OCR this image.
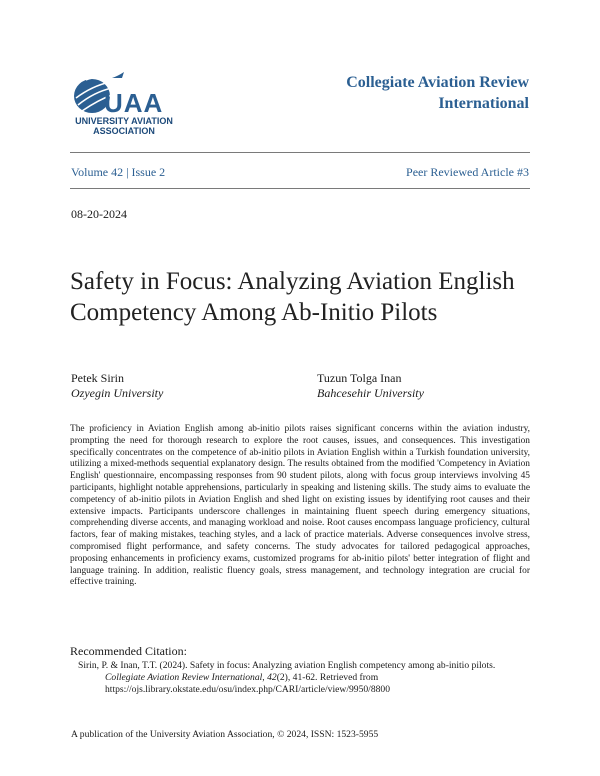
UAA
UNIVERSITY AVIATION
ASSOCIATION
Collegiate Aviation Review
International
Volume 42 | Issue 2	Peer Reviewed Article #3
08-20-2024
Safety in Focus: Analyzing Aviation English Competency Among Ab-Initio Pilots
Petek Sirin
Ozyegin University
Tuzun Tolga Inan
Bahcesehir University
The proficiency in Aviation English among ab-initio pilots raises significant concerns within the aviation industry, prompting the need for thorough research to explore the root causes, issues, and consequences. This investigation specifically concentrates on the competence of ab-initio pilots in Aviation English within a Turkish foundation university, utilizing a mixed-methods sequential explanatory design. The results obtained from the modified 'Competency in Aviation English' questionnaire, encompassing responses from 90 student pilots, along with focus group interviews involving 45 participants, highlight notable apprehensions, particularly in speaking and listening skills. The study aims to evaluate the competency of ab-initio pilots in Aviation English and shed light on existing issues by identifying root causes and their extensive impacts. Participants underscore challenges in maintaining fluent speech during emergency situations, comprehending diverse accents, and managing workload and noise. Root causes encompass language proficiency, cultural factors, fear of making mistakes, teaching styles, and a lack of practice materials. Adverse consequences involve stress, compromised flight performance, and safety concerns. The study advocates for tailored pedagogical approaches, proposing enhancements in proficiency exams, customized programs for ab-initio pilots' better integration of flight and language training. In addition, realistic fluency goals, stress management, and technology integration are crucial for effective training.
Recommended Citation:
Sirin, P. & Inan, T.T. (2024). Safety in focus: Analyzing aviation English competency among ab-initio pilots.
Collegiate Aviation Review International, 42(2), 41-62. Retrieved from
https://ojs.library.okstate.edu/osu/index.php/CARI/article/view/9950/8800
A publication of the University Aviation Association, © 2024, ISSN: 1523-5955
